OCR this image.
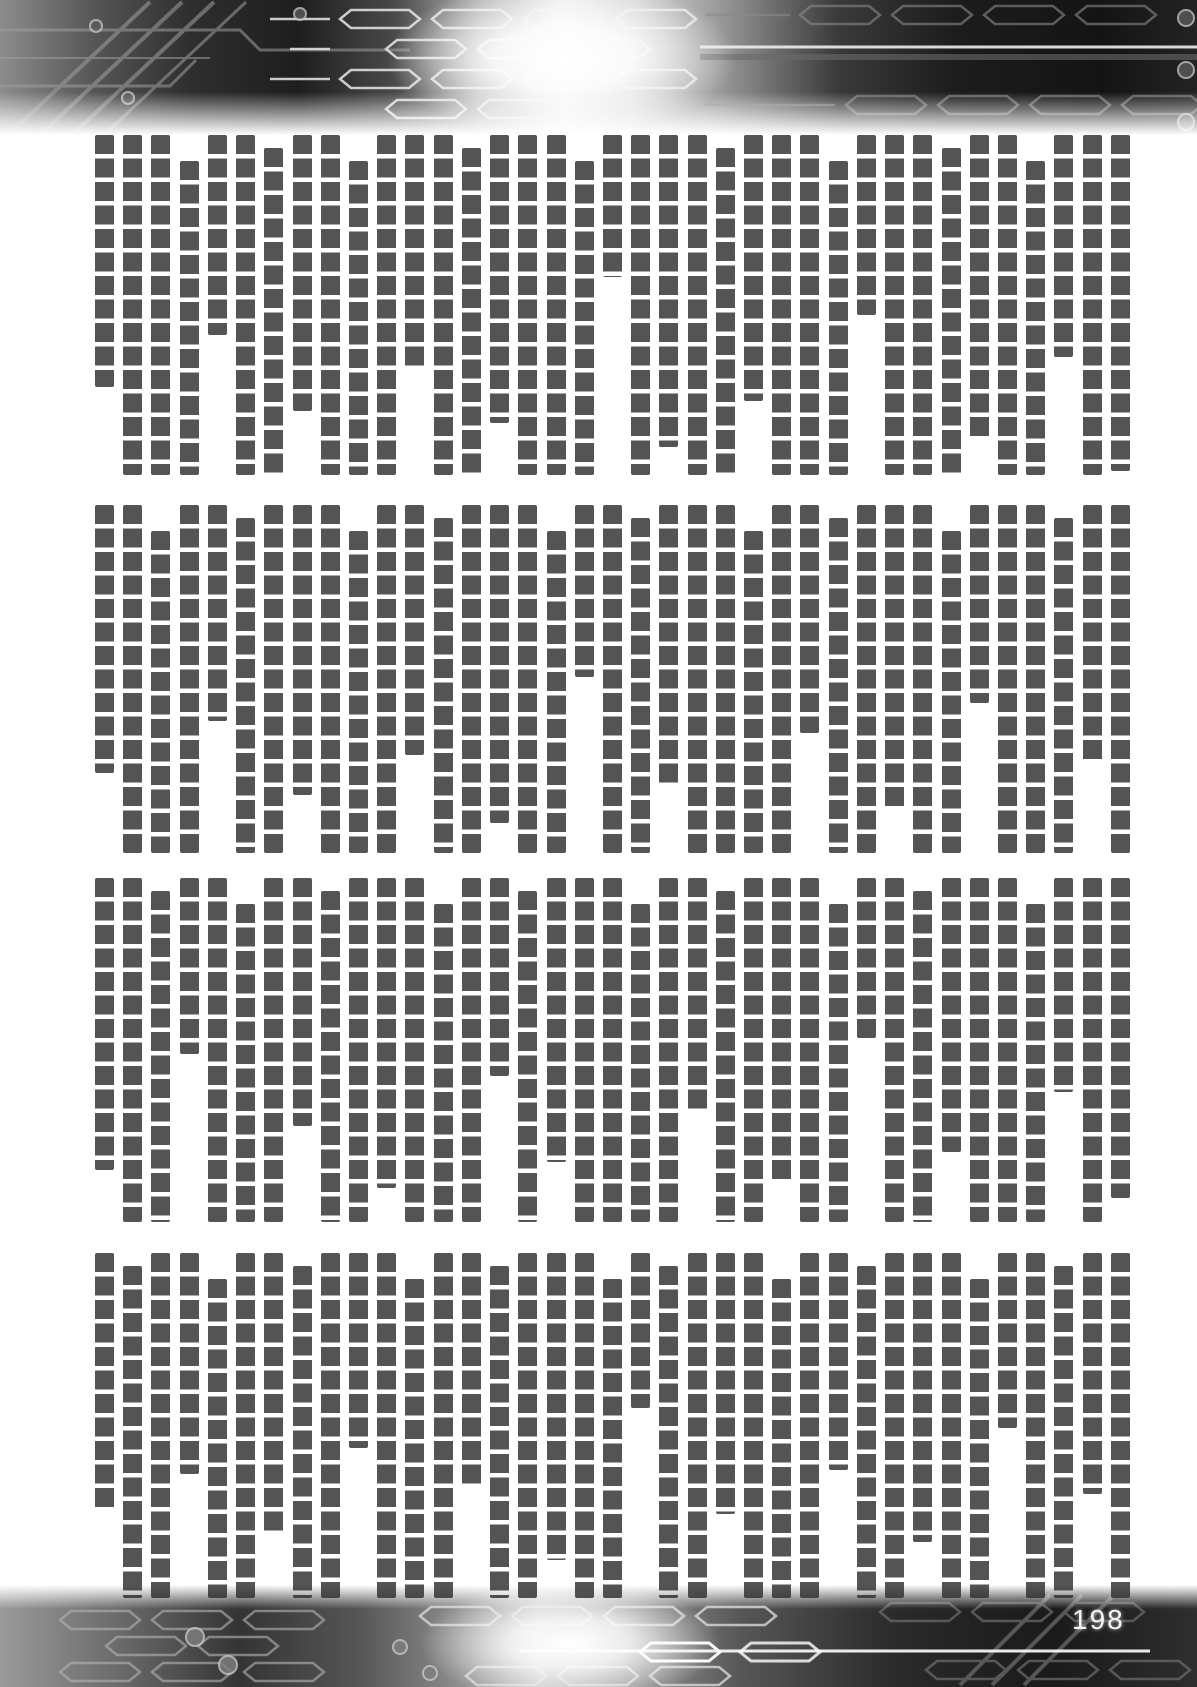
198
